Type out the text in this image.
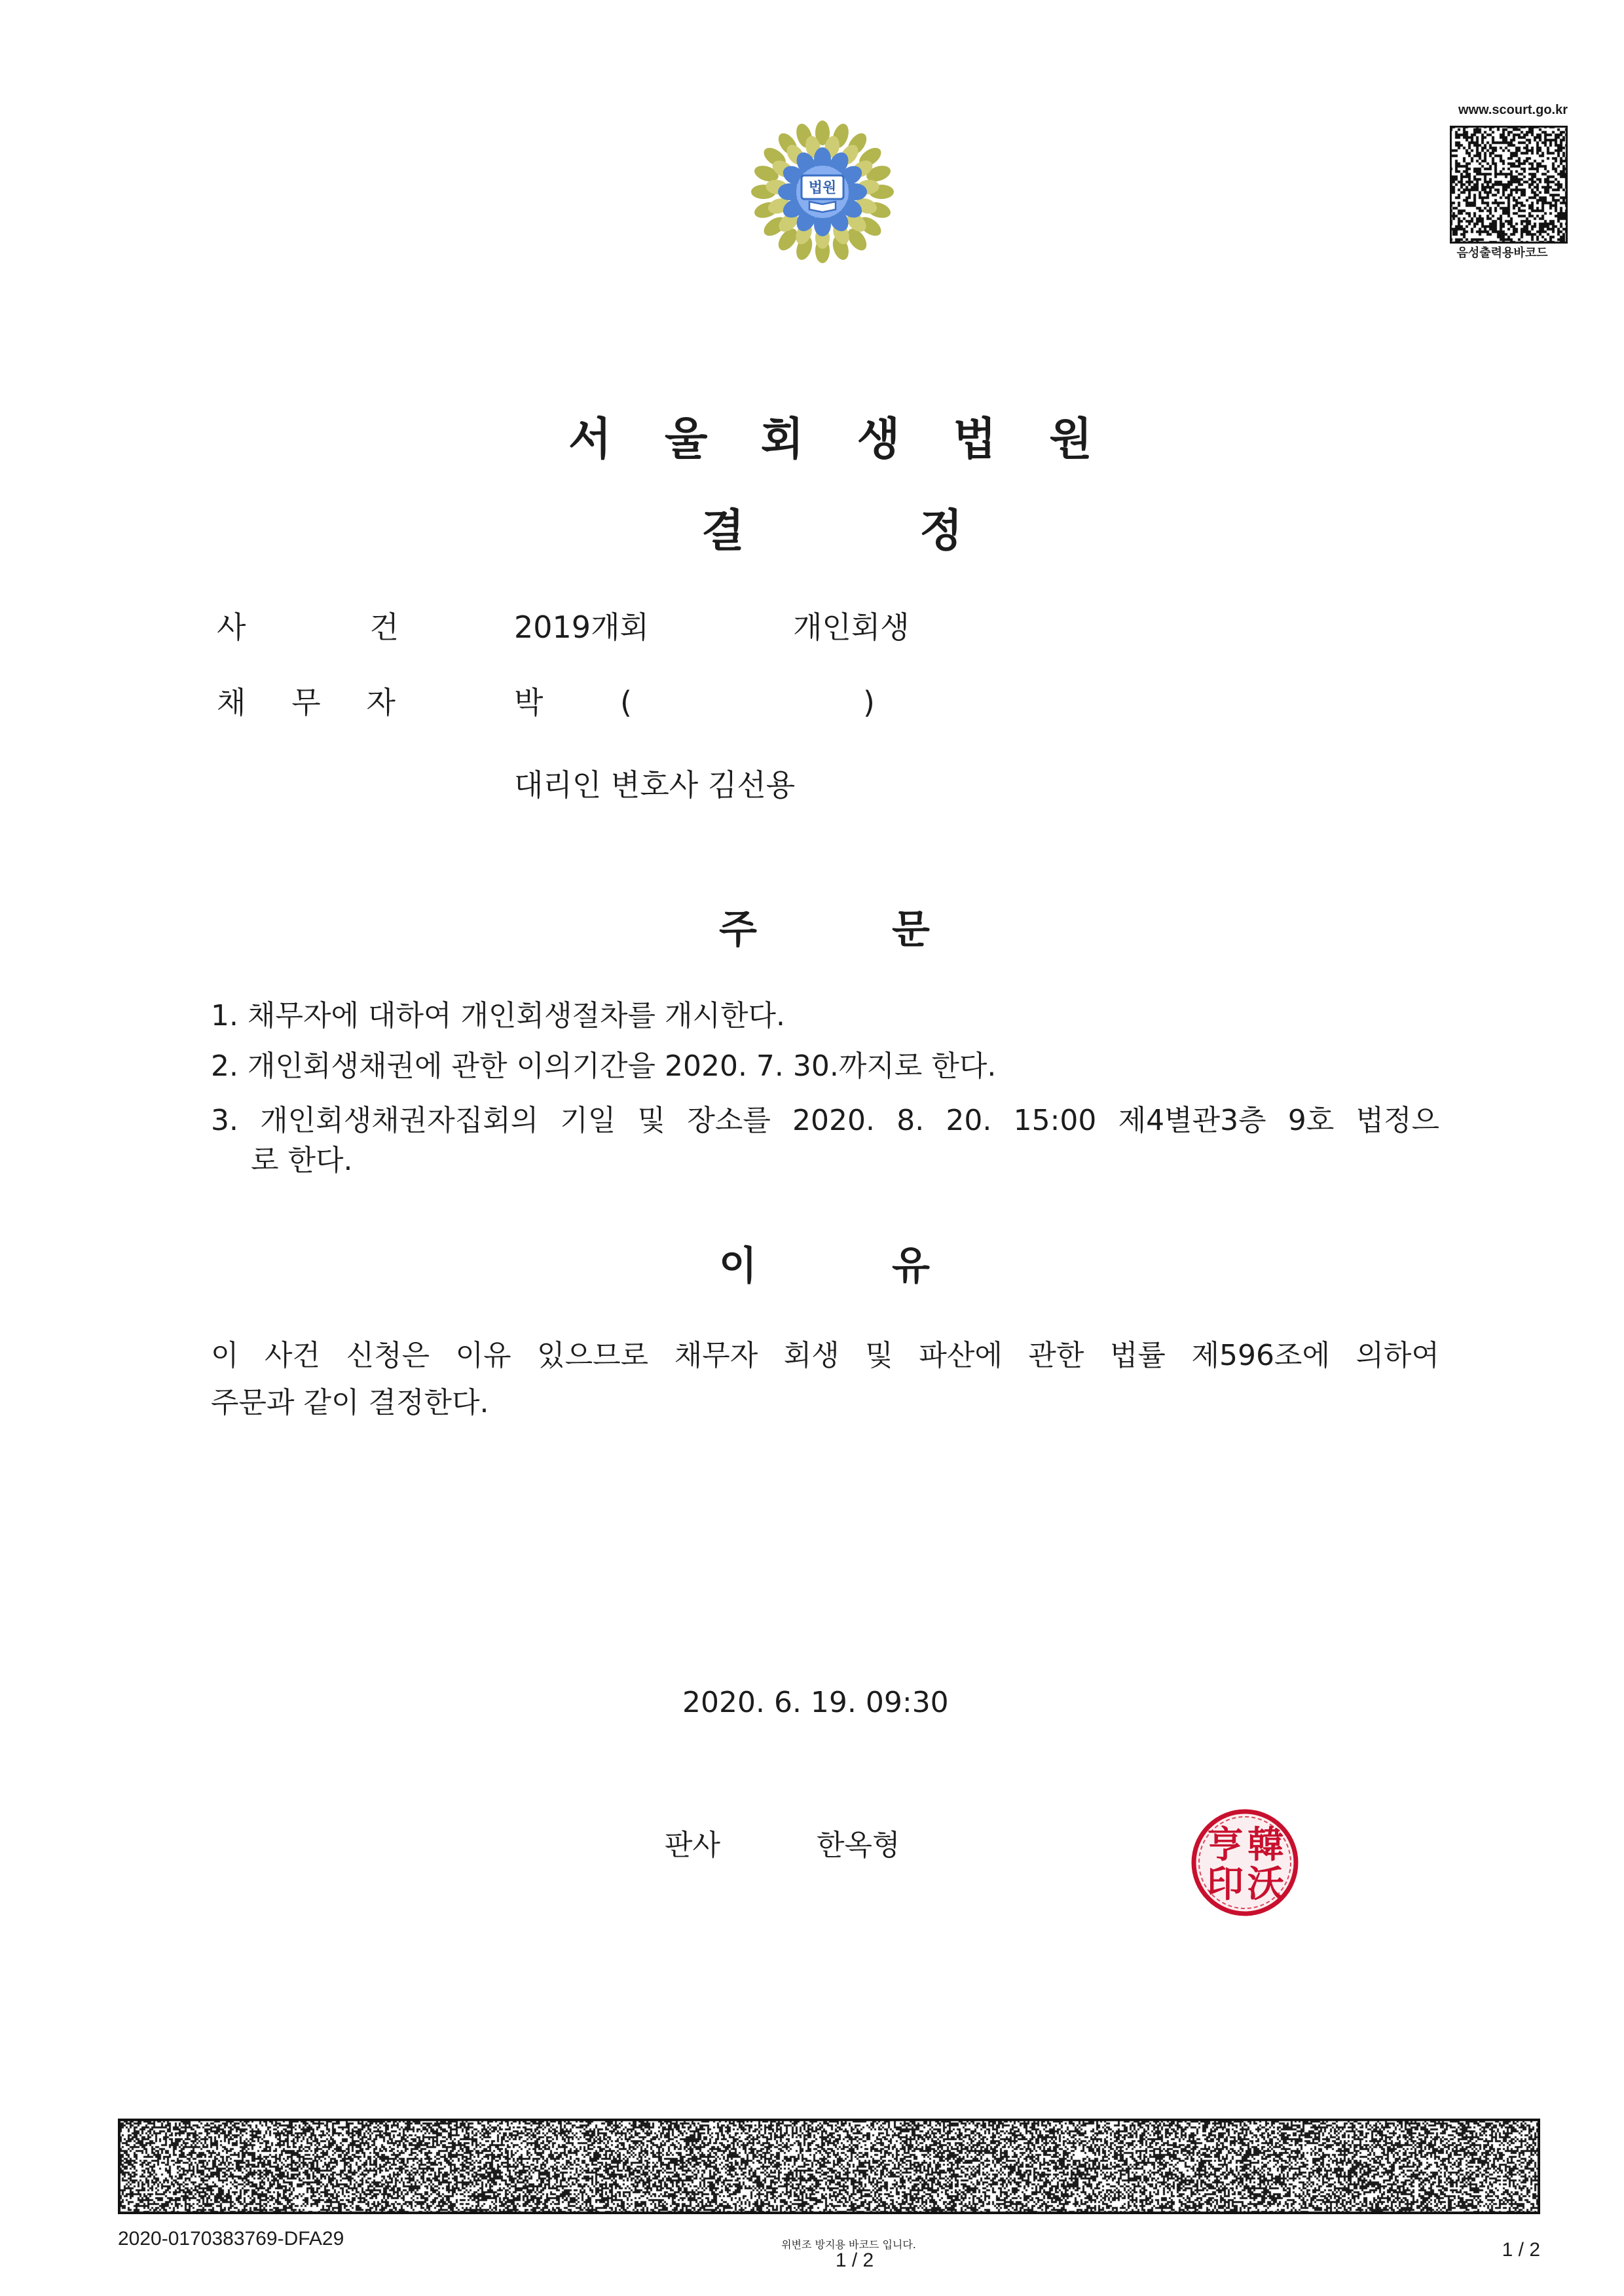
법원
www.scourt.go.kr
음성출력용바코드
서 울 회 생 법 원
결 정
사 건	2019개회	개인회생
채 무 자	박	(	)
대리인 변호사 김선용
주 문
1. 채무자에 대하여 개인회생절차를 개시한다.
2. 개인회생채권에 관한 이의기간을 2020. 7. 30.까지로 한다.
3. 개인회생채권자집회의 기일 및 장소를 2020. 8. 20. 15:00 제4별관3층 9호 법정으
로 한다.
이 유
이 사건 신청은 이유 있으므로 채무자 회생 및 파산에 관한 법률 제596조에 의하여
주문과 같이 결정한다.
2020. 6. 19. 09:30
판사	한옥형	韓
沃
亨
印
2020-0170383769-DFA29	위변조 방지용 바코드 입니다.
1 / 2	1 / 2
